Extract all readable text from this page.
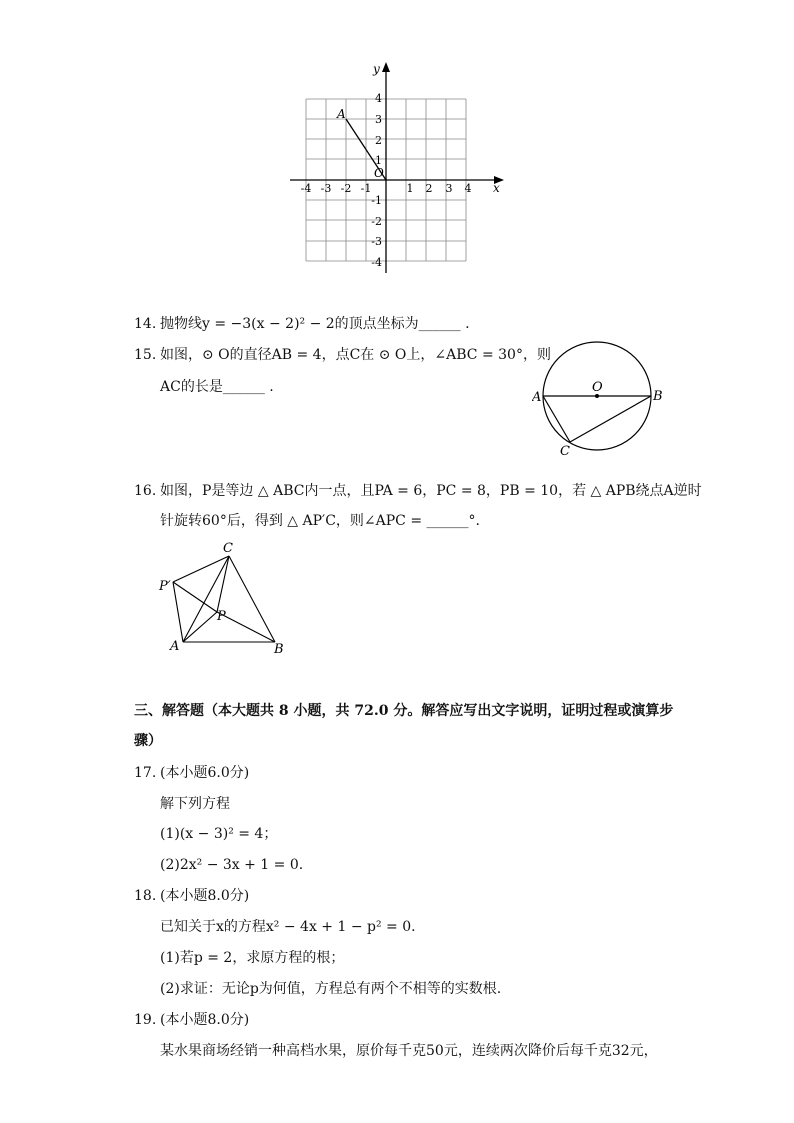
A
O
x
y
-4 -3 -2 -1	1 2 3 4
4
3
2
1
-1
-2
-3
-4
14. 抛物线y = −3(x − 2)² − 2的顶点坐标为______ .
15. 如图，⊙ O的直径AB = 4，点C在 ⊙ O上，∠ABC = 30°，则
AC的长是______ .	O
A	B
C
16. 如图，P是等边 △ ABC内一点，且PA = 6，PC = 8，PB = 10，若 △ APB绕点A逆时
针旋转60°后，得到 △ AP′C，则∠APC = ______°.
C
P′
P
A	B
三、解答题（本大题共 8 小题，共 72.0 分。解答应写出文字说明，证明过程或演算步
骤）
17. (本小题6.0分)
解下列方程
(1)(x − 3)² = 4；
(2)2x² − 3x + 1 = 0.
18. (本小题8.0分)
已知关于x的方程x² − 4x + 1 − p² = 0.
(1)若p = 2，求原方程的根；
(2)求证：无论p为何值，方程总有两个不相等的实数根.
19. (本小题8.0分)
某水果商场经销一种高档水果，原价每千克50元，连续两次降价后每千克32元，
